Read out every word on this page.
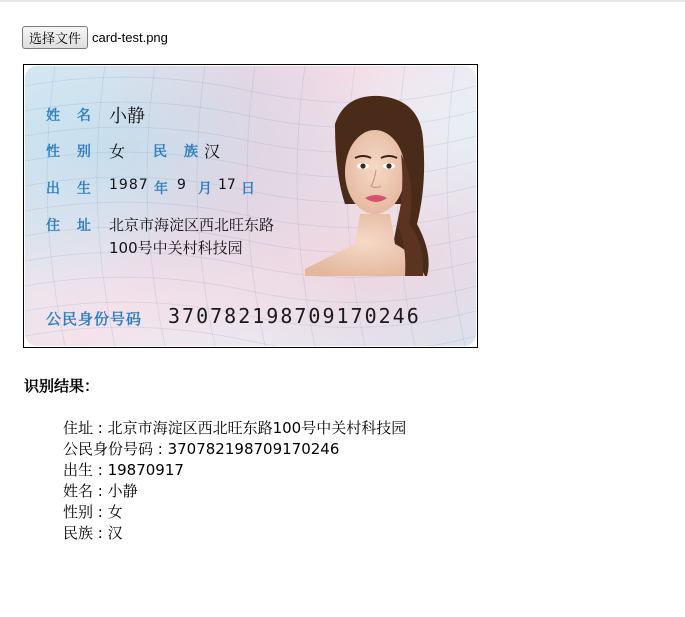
选择文件 card-test.png
姓 名 小静
性 别 女 民 族 汉
出 生 1987 年 9 月 17 日
住 址 北京市海淀区西北旺东路
100号中关村科技园
公民身份号码 370782198709170246
识别结果：
住址 : 北京市海淀区西北旺东路100号中关村科技园
公民身份号码 : 370782198709170246
出生 : 19870917
姓名 : 小静
性别 : 女
民族 : 汉
